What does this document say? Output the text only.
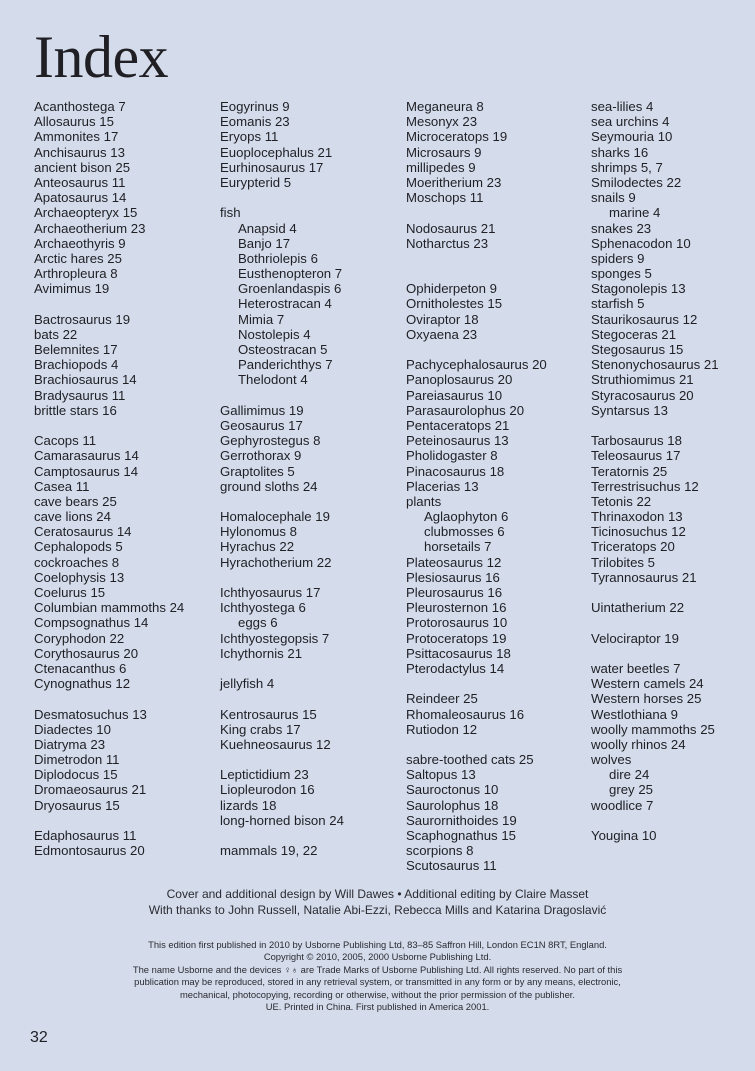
Index
Acanthostega 7
Allosaurus 15
Ammonites 17
Anchisaurus 13
ancient bison 25
Anteosaurus 11
Apatosaurus 14
Archaeopteryx 15
Archaeotherium 23
Archaeothyris 9
Arctic hares 25
Arthropleura 8
Avimimus 19
Bactrosaurus 19
bats 22
Belemnites 17
Brachiopods 4
Brachiosaurus 14
Bradysaurus 11
brittle stars 16
Cacops 11
Camarasaurus 14
Camptosaurus 14
Casea 11
cave bears 25
cave lions 24
Ceratosaurus 14
Cephalopods 5
cockroaches 8
Coelophysis 13
Coelurus 15
Columbian mammoths 24
Compsognathus 14
Coryphodon 22
Corythosaurus 20
Ctenacanthus 6
Cynognathus 12
Desmatosuchus 13
Diadectes 10
Diatryma 23
Dimetrodon 11
Diplodocus 15
Dromaeosaurus 21
Dryosaurus 15
Edaphosaurus 11
Edmontosaurus 20
Eogyrinus 9
Eomanis 23
Eryops 11
Euoplocephalus 21
Eurhinosaurus 17
Eurypterid 5
fish
Anapsid 4
Banjo 17
Bothriolepis 6
Eusthenopteron 7
Groenlandaspis 6
Heterostracan 4
Mimia 7
Nostolepis 4
Osteostracan 5
Panderichthys 7
Thelodont 4
Gallimimus 19
Geosaurus 17
Gephyrostegus 8
Gerrothorax 9
Graptolites 5
ground sloths 24
Homalocephale 19
Hylonomus 8
Hyrachus 22
Hyrachotherium 22
Ichthyosaurus 17
Ichthyostega 6
eggs 6
Ichthyostegopsis 7
Ichythornis 21
jellyfish 4
Kentrosaurus 15
King crabs 17
Kuehneosaurus 12
Leptictidium 23
Liopleurodon 16
lizards 18
long-horned bison 24
mammals 19, 22
Meganeura 8
Mesonyx 23
Microceratops 19
Microsaurs 9
millipedes 9
Moeritherium 23
Moschops 11
Nodosaurus 21
Notharctus 23
Ophiderpeton 9
Ornitholestes 15
Oviraptor 18
Oxyaena 23
Pachycephalosaurus 20
Panoplosaurus 20
Pareiasaurus 10
Parasaurolophus 20
Pentaceratops 21
Peteinosaurus 13
Pholidogaster 8
Pinacosaurus 18
Placerias 13
plants
Aglaophyton 6
clubmosses 6
horsetails 7
Plateosaurus 12
Plesiosaurus 16
Pleurosaurus 16
Pleurosternon 16
Protorosaurus 10
Protoceratops 19
Psittacosaurus 18
Pterodactylus 14
Reindeer 25
Rhomaleosaurus 16
Rutiodon 12
sabre-toothed cats 25
Saltopus 13
Sauroctonus 10
Saurolophus 18
Saurornithoides 19
Scaphognathus 15
scorpions 8
Scutosaurus 11
sea-lilies 4
sea urchins 4
Seymouria 10
sharks 16
shrimps 5, 7
Smilodectes 22
snails 9
marine 4
snakes 23
Sphenacodon 10
spiders 9
sponges 5
Stagonolepis 13
starfish 5
Staurikosaurus 12
Stegoceras 21
Stegosaurus 15
Stenonychosaurus 21
Struthiomimus 21
Styracosaurus 20
Syntarsus 13
Tarbosaurus 18
Teleosaurus 17
Teratornis 25
Terrestrisuchus 12
Tetonis 22
Thrinaxodon 13
Ticinosuchus 12
Triceratops 20
Trilobites 5
Tyrannosaurus 21
Uintatherium 22
Velociraptor 19
water beetles 7
Western camels 24
Western horses 25
Westlothiana 9
woolly mammoths 25
woolly rhinos 24
wolves
dire 24
grey 25
woodlice 7
Yougina 10
Cover and additional design by Will Dawes • Additional editing by Claire Masset
With thanks to John Russell, Natalie Abi-Ezzi, Rebecca Mills and Katarina Dragoslavić
This edition first published in 2010 by Usborne Publishing Ltd, 83–85 Saffron Hill, London EC1N 8RT, England.
Copyright © 2010, 2005, 2000 Usborne Publishing Ltd.
The name Usborne and the devices ♀♁ are Trade Marks of Usborne Publishing Ltd. All rights reserved. No part of this
publication may be reproduced, stored in any retrieval system, or transmitted in any form or by any means, electronic,
mechanical, photocopying, recording or otherwise, without the prior permission of the publisher.
UE. Printed in China. First published in America 2001.
32
